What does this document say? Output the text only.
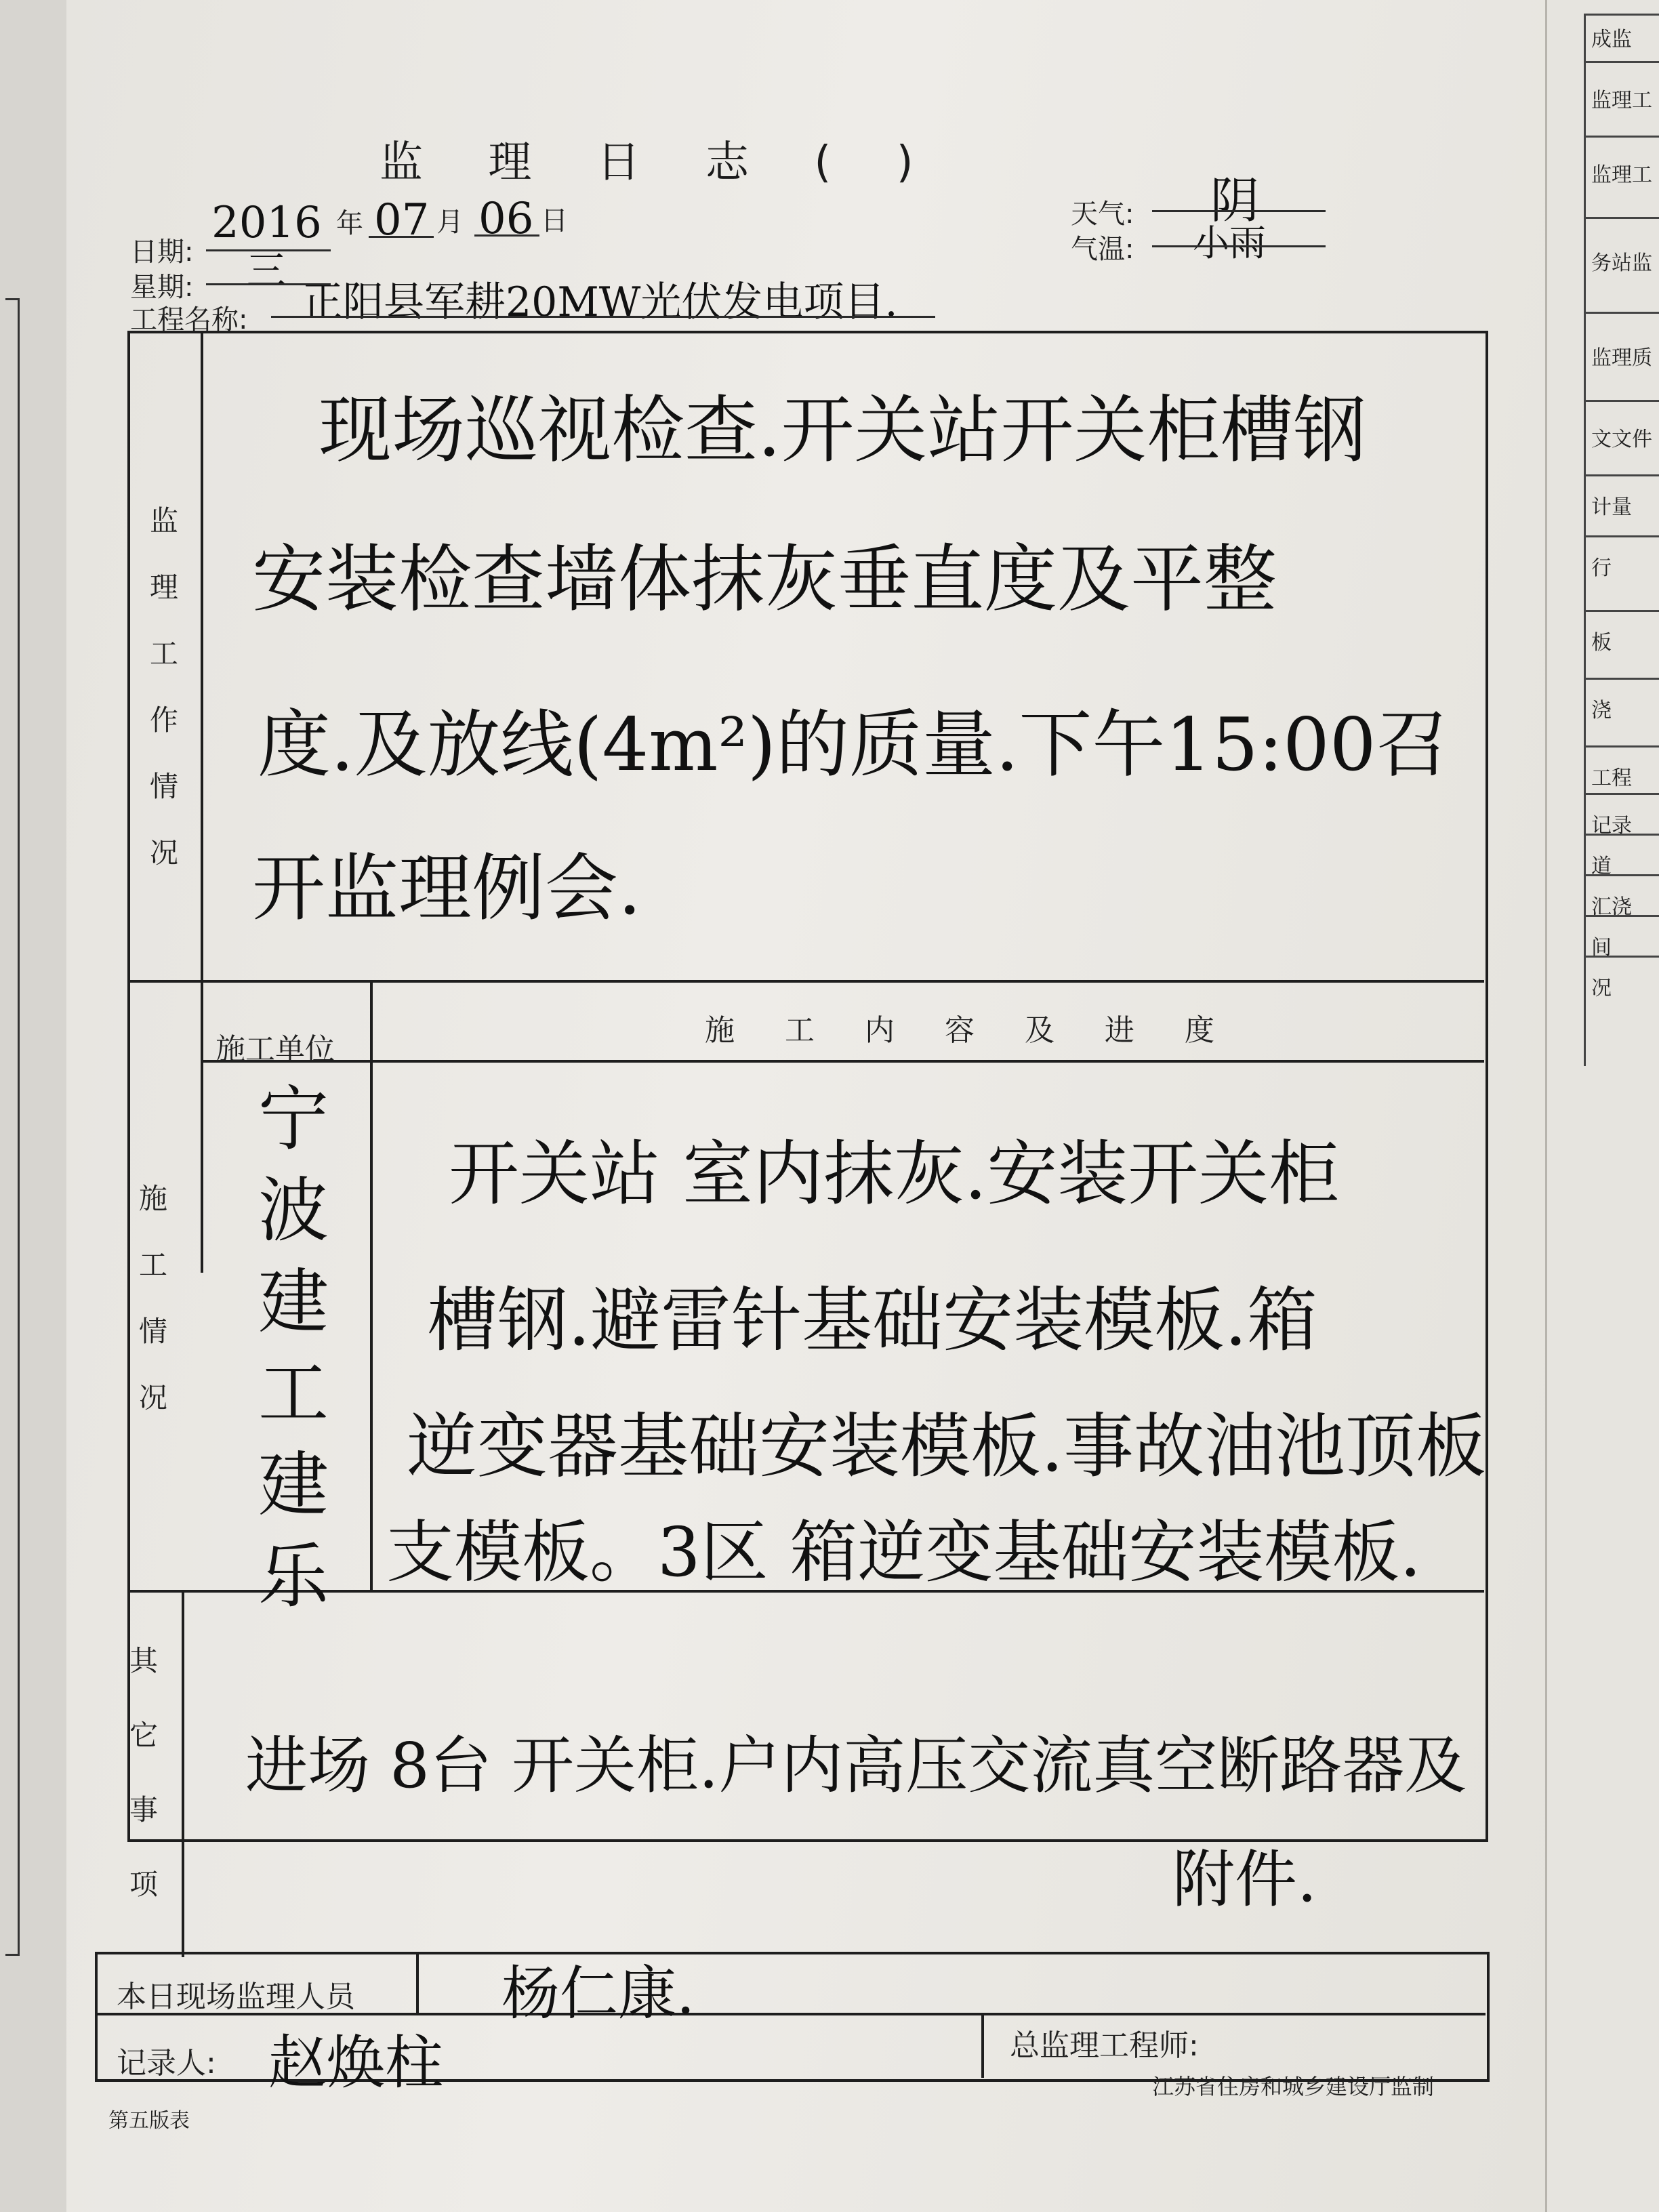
成监
监理工
监理工
务站监
监理质
文文件
计量
行
板
浇
工程
记录
道
汇浇
间
况
监 理 日 志 ( )
日期:
2016 年 07 月 06 日
星期: 三
工程名称: 正阳县军耕20MW光伏发电项目.
天气: 阴
气温: 小雨
监理工作情况
现场巡视检查.开关站开关柜槽钢
安装检查墙体抹灰垂直度及平整
度.及放线(4m²)的质量.下午15:00召
开监理例会.
施工情况
施工单位
施 工 内 容 及 进 度
宁波建工建乐
开关站 室内抹灰.安装开关柜
槽钢.避雷针基础安装模板.箱
逆变器基础安装模板.事故油池顶板
支模板。3区 箱逆变基础安装模板.
其它事项
进场 8台 开关柜.户内高压交流真空断路器及
附件.
本日现场监理人员	杨仁康.
记录人: 赵焕柱	总监理工程师:
第五版表
江苏省住房和城乡建设厅监制
